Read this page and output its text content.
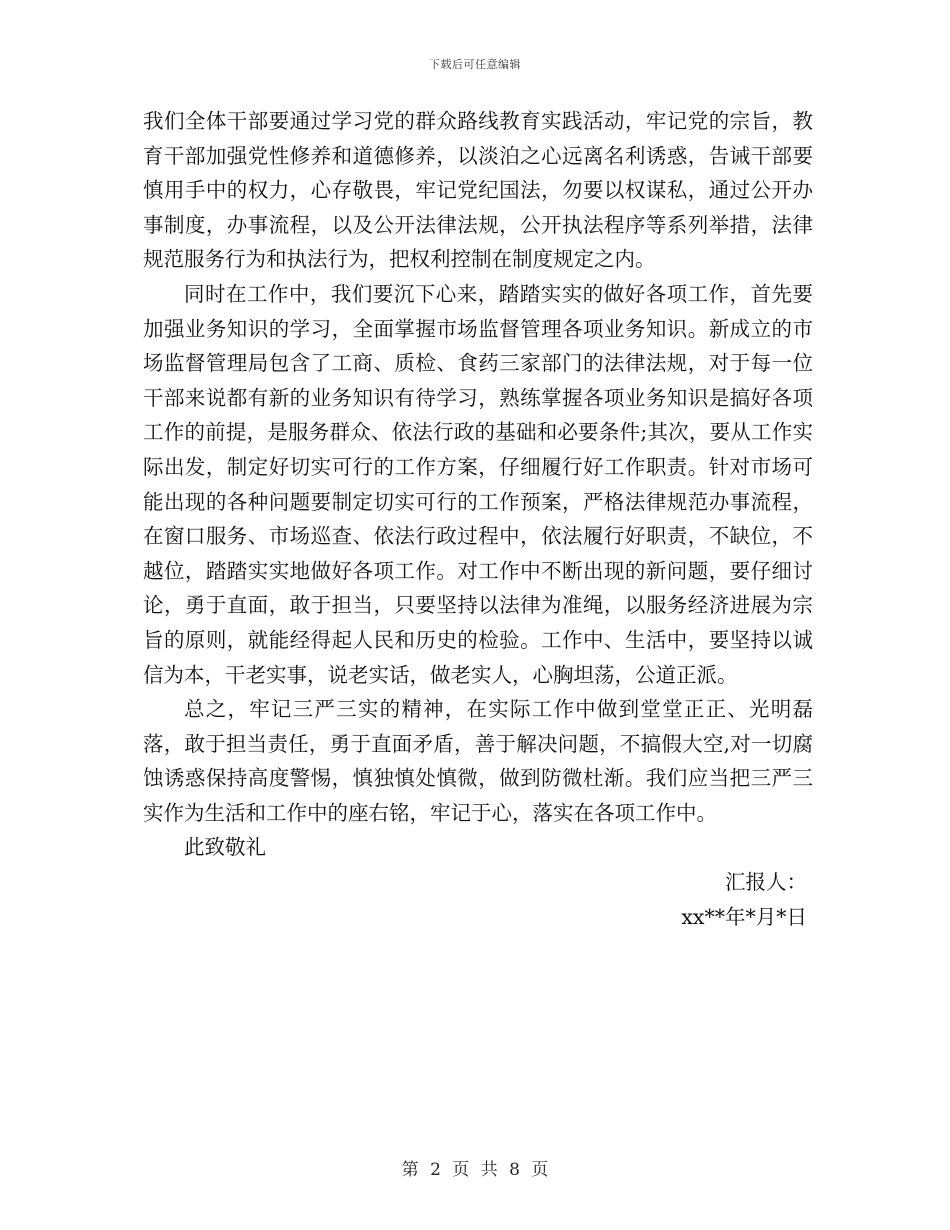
下载后可任意编辑

我们全体干部要通过学习党的群众路线教育实践活动，牢记党的宗旨，教育干部加强党性修养和道德修养，以淡泊之心远离名利诱惑，告诫干部要慎用手中的权力，心存敬畏，牢记党纪国法，勿要以权谋私，通过公开办事制度，办事流程，以及公开法律法规，公开执法程序等系列举措，法律规范服务行为和执法行为，把权利控制在制度规定之内。

同时在工作中，我们要沉下心来，踏踏实实的做好各项工作，首先要加强业务知识的学习，全面掌握市场监督管理各项业务知识。新成立的市场监督管理局包含了工商、质检、食药三家部门的法律法规，对于每一位干部来说都有新的业务知识有待学习，熟练掌握各项业务知识是搞好各项工作的前提，是服务群众、依法行政的基础和必要条件;其次，要从工作实际出发，制定好切实可行的工作方案，仔细履行好工作职责。针对市场可能出现的各种问题要制定切实可行的工作预案，严格法律规范办事流程，在窗口服务、市场巡查、依法行政过程中，依法履行好职责，不缺位，不越位，踏踏实实地做好各项工作。对工作中不断出现的新问题，要仔细讨论，勇于直面，敢于担当，只要坚持以法律为准绳，以服务经济进展为宗旨的原则，就能经得起人民和历史的检验。工作中、生活中，要坚持以诚信为本，干老实事，说老实话，做老实人，心胸坦荡，公道正派。

总之，牢记三严三实的精神，在实际工作中做到堂堂正正、光明磊落，敢于担当责任，勇于直面矛盾，善于解决问题，不搞假大空,对一切腐蚀诱惑保持高度警惕，慎独慎处慎微，做到防微杜渐。我们应当把三严三实作为生活和工作中的座右铭，牢记于心，落实在各项工作中。

此致敬礼

汇报人：

xx**年*月*日

第 2 页 共 8 页
